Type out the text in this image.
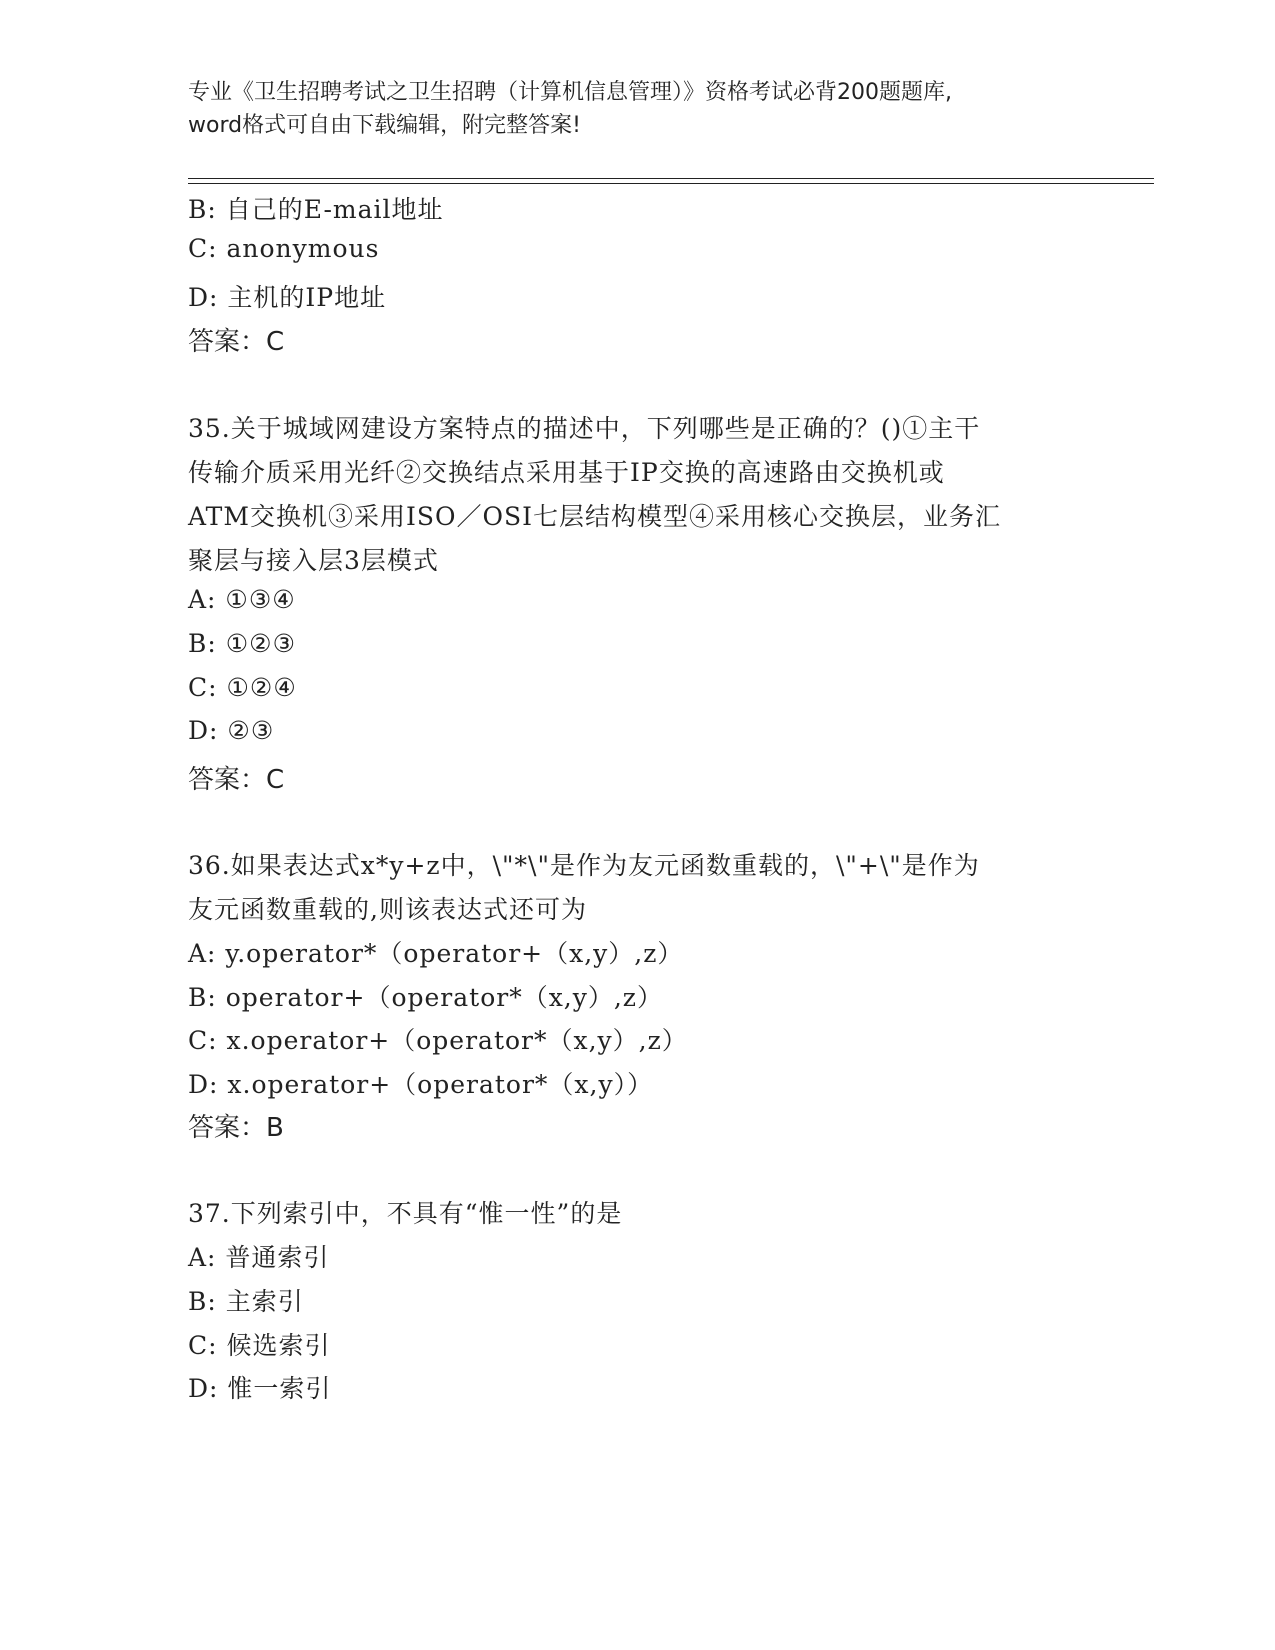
专业《卫生招聘考试之卫生招聘（计算机信息管理）》资格考试必背200题题库,
word格式可自由下载编辑，附完整答案!
B: 自己的E-mail地址
C: anonymous
D: 主机的IP地址
答案：C
35.关于城域网建设方案特点的描述中，下列哪些是正确的？()①主干
传输介质采用光纤②交换结点采用基于IP交换的高速路由交换机或
ATM交换机③采用ISO／OSI七层结构模型④采用核心交换层，业务汇
聚层与接入层3层模式
A: ①③④
B: ①②③
C: ①②④
D: ②③
答案：C
36.如果表达式x*y+z中，\"*\"是作为友元函数重载的，\"+\"是作为
友元函数重载的,则该表达式还可为
A: y.operator*（operator+（x,y）,z）
B: operator+（operator*（x,y）,z）
C: x.operator+（operator*（x,y）,z）
D: x.operator+（operator*（x,y））
答案：B
37.下列索引中，不具有“惟一性”的是
A: 普通索引
B: 主索引
C: 候选索引
D: 惟一索引
